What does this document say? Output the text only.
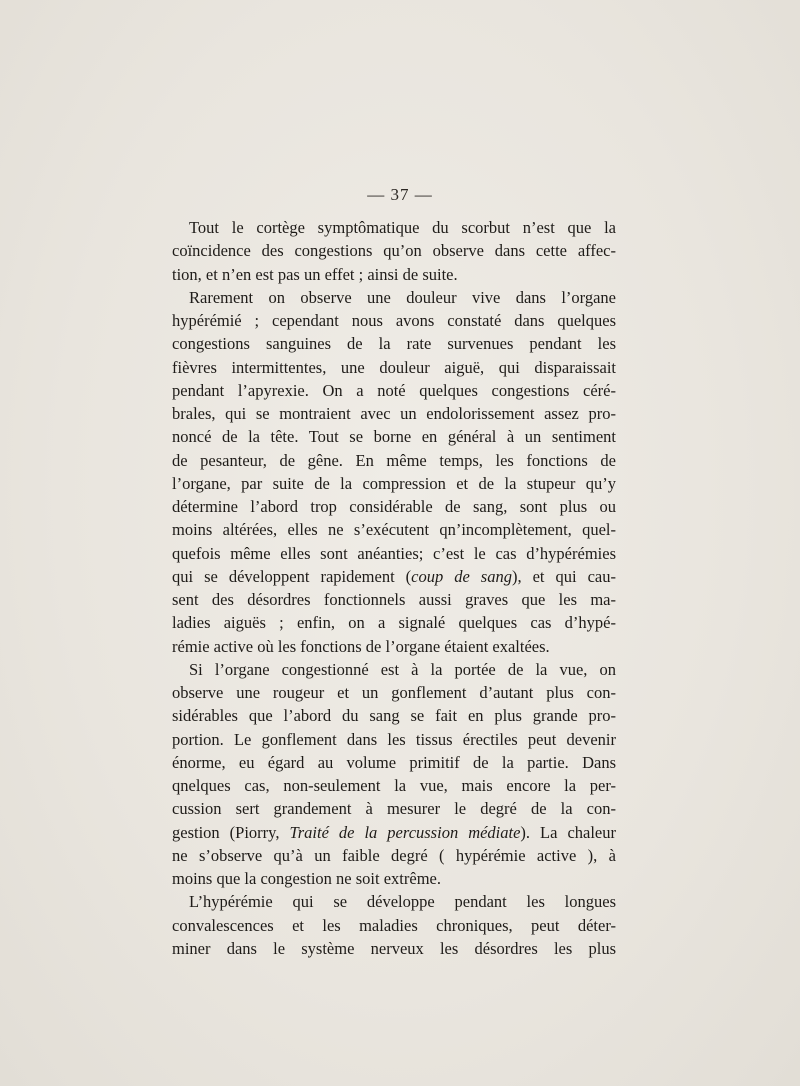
— 37 —
Tout le cortège symptômatique du scorbut n’est que la
coïncidence des congestions qu’on observe dans cette affec-
tion, et n’en est pas un effet ; ainsi de suite.
Rarement on observe une douleur vive dans l’organe
hypérémié ; cependant nous avons constaté dans quelques
congestions sanguines de la rate survenues pendant les
fièvres intermittentes, une douleur aiguë, qui disparaissait
pendant l’apyrexie. On a noté quelques congestions céré-
brales, qui se montraient avec un endolorissement assez pro-
noncé de la tête. Tout se borne en général à un sentiment
de pesanteur, de gêne. En même temps, les fonctions de
l’organe, par suite de la compression et de la stupeur qu’y
détermine l’abord trop considérable de sang, sont plus ou
moins altérées, elles ne s’exécutent qn’incomplètement, quel-
quefois même elles sont anéanties; c’est le cas d’hypérémies
qui se développent rapidement (coup de sang), et qui cau-
sent des désordres fonctionnels aussi graves que les ma-
ladies aiguës ; enfin, on a signalé quelques cas d’hypé-
rémie active où les fonctions de l’organe étaient exaltées.
Si l’organe congestionné est à la portée de la vue, on
observe une rougeur et un gonflement d’autant plus con-
sidérables que l’abord du sang se fait en plus grande pro-
portion. Le gonflement dans les tissus érectiles peut devenir
énorme, eu égard au volume primitif de la partie. Dans
qnelques cas, non-seulement la vue, mais encore la per-
cussion sert grandement à mesurer le degré de la con-
gestion (Piorry, Traité de la percussion médiate). La chaleur
ne s’observe qu’à un faible degré ( hypérémie active ), à
moins que la congestion ne soit extrême.
L’hypérémie qui se développe pendant les longues
convalescences et les maladies chroniques, peut déter-
miner dans le système nerveux les désordres les plus
